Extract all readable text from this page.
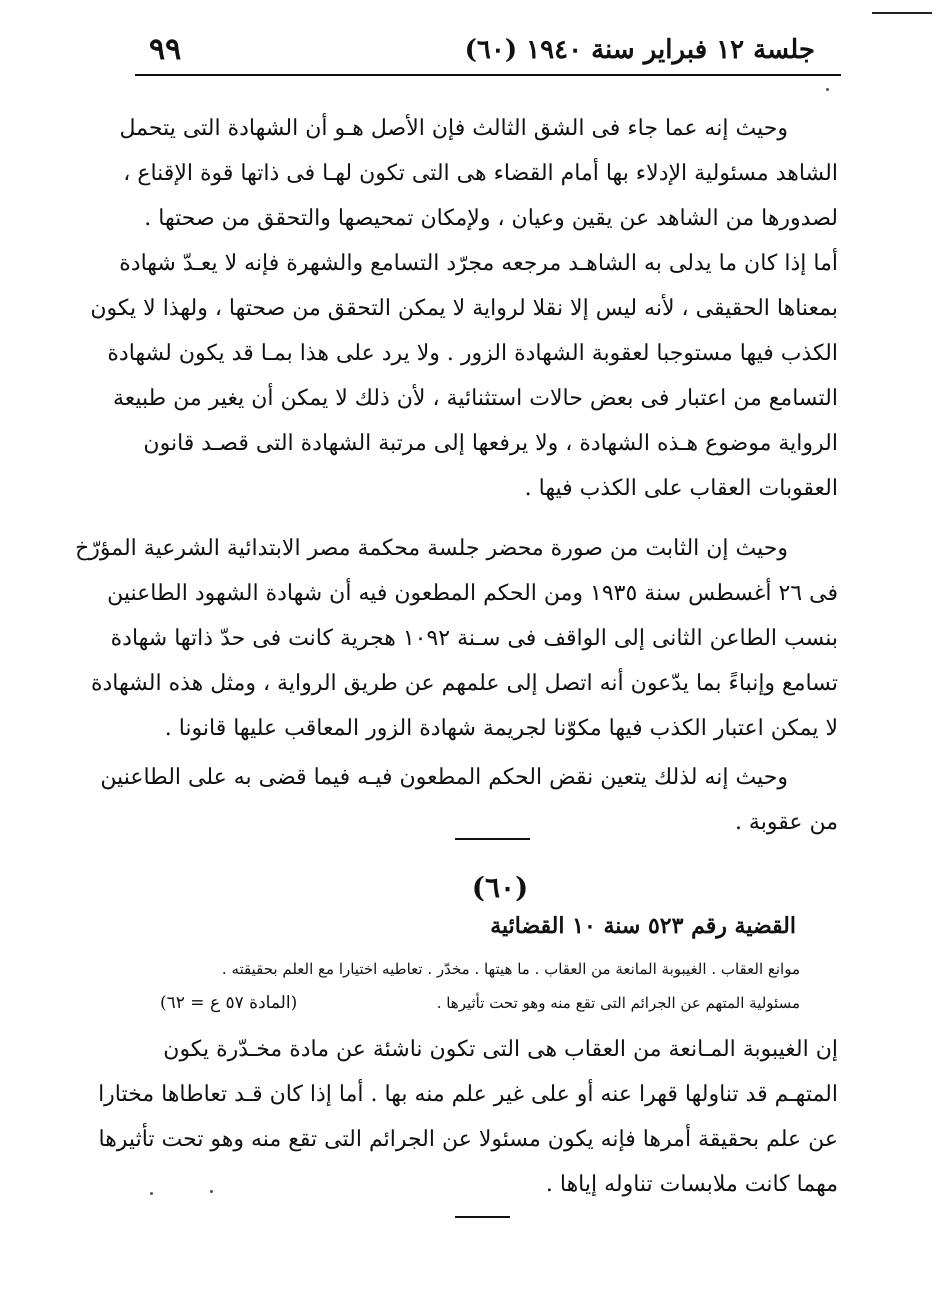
٩٩	جلسة ١٢ فبراير سنة ١٩٤٠ (٦٠)
وحيث إنه عما جاء فى الشق الثالث فإن الأصل هـو أن الشهادة التى يتحمل
الشاهد مسئولية الإدلاء بها أمام القضاء هى التى تكون لهـا فى ذاتها قوة الإقناع ،
لصدورها من الشاهد عن يقين وعيان ، ولإمكان تمحيصها والتحقق من صحتها .
أما إذا كان ما يدلى به الشاهـد مرجعه مجرّد التسامع والشهرة فإنه لا يعـدّ شهادة
بمعناها الحقيقى ، لأنه ليس إلا نقلا لرواية لا يمكن التحقق من صحتها ، ولهذا لا يكون
الكذب فيها مستوجبا لعقوبة الشهادة الزور . ولا يرد على هذا بمـا قد يكون لشهادة
التسامع من اعتبار فى بعض حالات استثنائية ، لأن ذلك لا يمكن أن يغير من طبيعة
الرواية موضوع هـذه الشهادة ، ولا يرفعها إلى مرتبة الشهادة التى قصـد قانون
العقوبات العقاب على الكذب فيها .
وحيث إن الثابت من صورة محضر جلسة محكمة مصر الابتدائية الشرعية المؤرّخ
فى ٢٦ أغسطس سنة ١٩٣٥ ومن الحكم المطعون فيه أن شهادة الشهود الطاعنين
بنسب الطاعن الثانى إلى الواقف فى سـنة ١٠٩٢ هجرية كانت فى حدّ ذاتها شهادة
تسامع وإنباءً بما يدّعون أنه اتصل إلى علمهم عن طريق الرواية ، ومثل هذه الشهادة
لا يمكن اعتبار الكذب فيها مكوّنا لجريمة شهادة الزور المعاقب عليها قانونا .
وحيث إنه لذلك يتعين نقض الحكم المطعون فيـه فيما قضى به على الطاعنين
من عقوبة .
(٦٠)
القضية رقم ٥٢٣ سنة ١٠ القضائية
موانع العقاب . الغيبوبة المانعة من العقاب . ما هيتها . مخدّر . تعاطيه اختيارا مع العلم بحقيقته .
مسئولية المتهم عن الجرائم التى تقع منه وهو تحت تأثيرها .
(المادة ٥٧ ع = ٦٢)
إن الغيبوبة المـانعة من العقاب هى التى تكون ناشئة عن مادة مخـدّرة يكون
المتهـم قد تناولها قهرا عنه أو على غير علم منه بها . أما إذا كان قـد تعاطاها مختارا
عن علم بحقيقة أمرها فإنه يكون مسئولا عن الجرائم التى تقع منه وهو تحت تأثيرها
مهما كانت ملابسات تناوله إياها .
